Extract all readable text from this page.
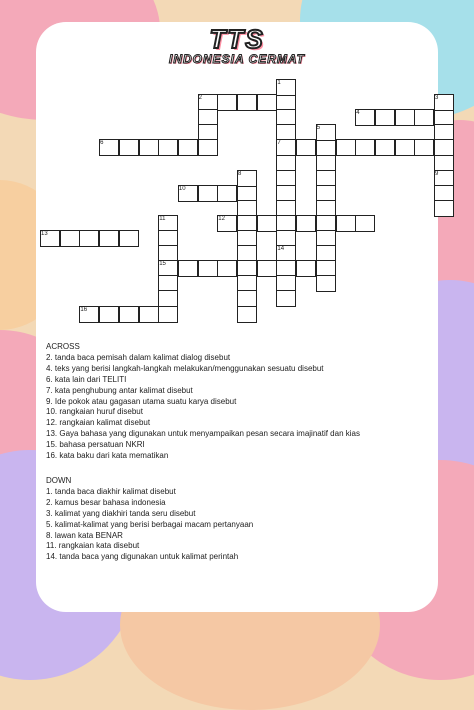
TTS
INDONESIA CERMAT
1
2	3
4
5
6	7
8	9
10
11	12
13
14
15
16

ACROSS

2. tanda baca pemisah dalam kalimat dialog disebut
4. teks yang berisi langkah-langkah melakukan/menggunakan sesuatu disebut
6. kata lain dari TELITI
7. kata penghubung antar kalimat disebut
9. Ide pokok atau gagasan utama suatu karya disebut
10. rangkaian huruf disebut
12. rangkaian kalimat disebut
13. Gaya bahasa yang digunakan untuk menyampaikan pesan secara imajinatif dan kias
15. bahasa persatuan NKRI
16. kata baku dari kata mematikan

DOWN

1. tanda baca diakhir kalimat disebut
2. kamus besar bahasa indonesia
3. kalimat yang diakhiri tanda seru disebut
5. kalimat-kalimat yang berisi berbagai macam pertanyaan
8. lawan kata BENAR
11. rangkaian kata disebut
14. tanda baca yang digunakan untuk kalimat perintah
